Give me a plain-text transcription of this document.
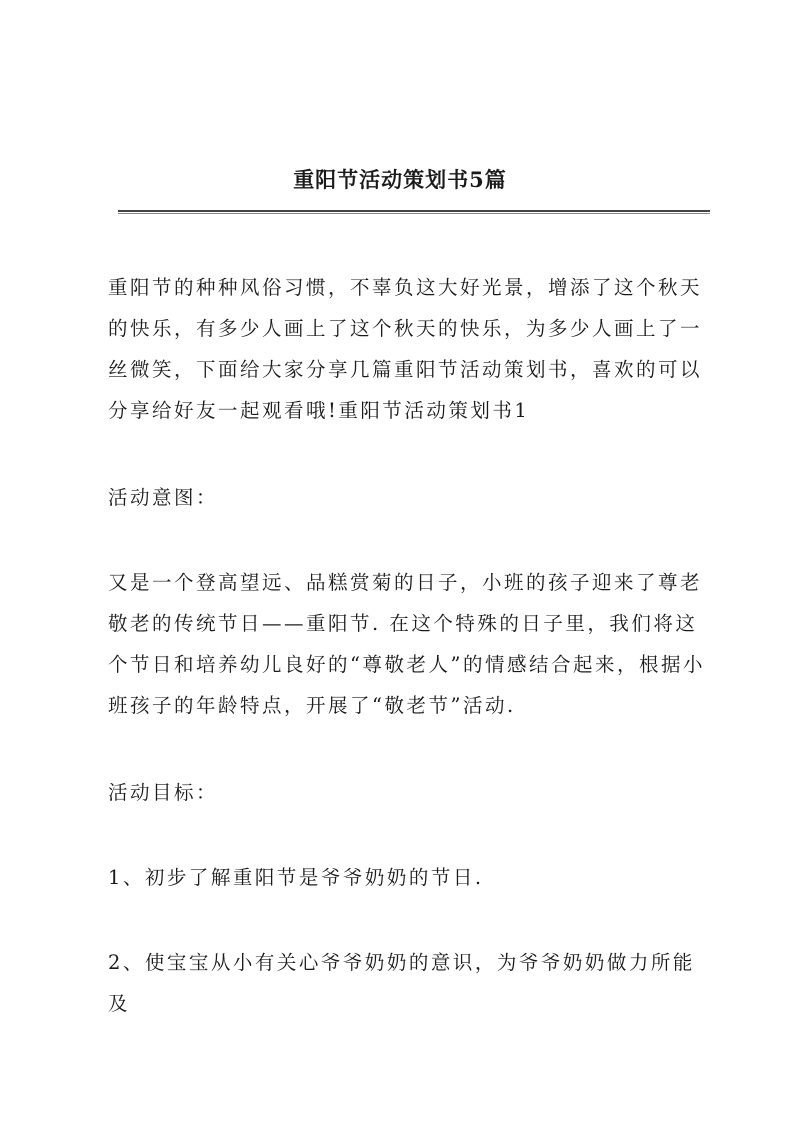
重阳节活动策划书5篇

重阳节的种种风俗习惯，不辜负这大好光景，增添了这个秋天的快乐，有多少人画上了这个秋天的快乐，为多少人画上了一丝微笑，下面给大家分享几篇重阳节活动策划书，喜欢的可以分享给好友一起观看哦!重阳节活动策划书1

活动意图：

又是一个登高望远、品糕赏菊的日子，小班的孩子迎来了尊老敬老的传统节日——重阳节. 在这个特殊的日子里，我们将这个节日和培养幼儿良好的“尊敬老人”的情感结合起来，根据小班孩子的年龄特点，开展了“敬老节”活动.

活动目标：

1、初步了解重阳节是爷爷奶奶的节日.

2、使宝宝从小有关心爷爷奶奶的意识，为爷爷奶奶做力所能及
